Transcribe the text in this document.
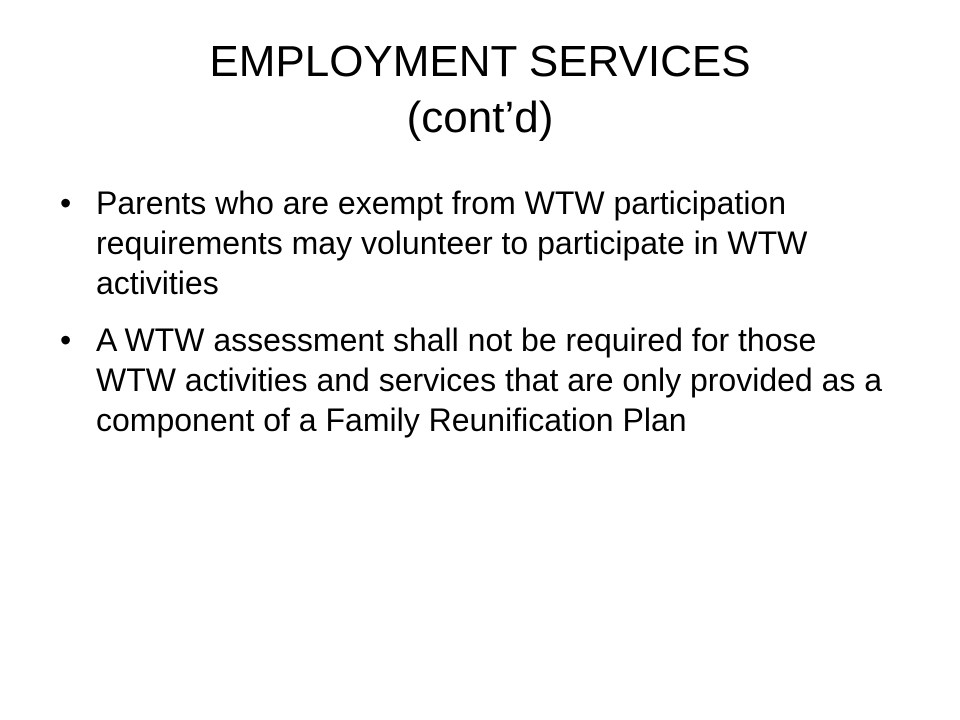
EMPLOYMENT SERVICES
(cont’d)
• Parents who are exempt from WTW participation requirements may volunteer to participate in WTW activities
• A WTW assessment shall not be required for those WTW activities and services that are only provided as a component of a Family Reunification Plan
